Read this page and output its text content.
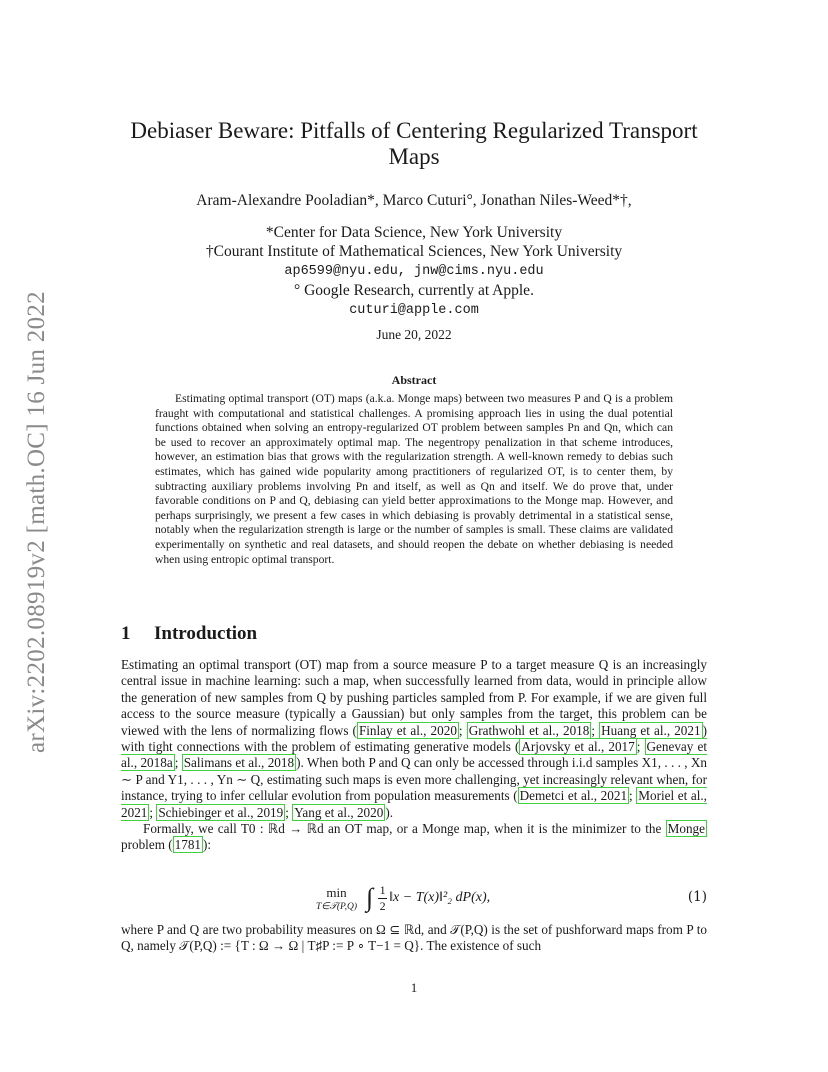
arXiv:2202.08919v2 [math.OC] 16 Jun 2022
Debiaser Beware: Pitfalls of Centering Regularized Transport
Maps
Aram-Alexandre Pooladian*, Marco Cuturi°, Jonathan Niles-Weed*†,
*Center for Data Science, New York University
†Courant Institute of Mathematical Sciences, New York University
ap6599@nyu.edu, jnw@cims.nyu.edu
° Google Research, currently at Apple.
cuturi@apple.com
June 20, 2022
Abstract

Estimating optimal transport (OT) maps (a.k.a. Monge maps) between two measures P and Q is a problem fraught with computational and statistical challenges. A promising approach lies in using the dual potential functions obtained when solving an entropy-regularized OT problem between samples Pn and Qn, which can be used to recover an approximately optimal map. The negentropy penalization in that scheme introduces, however, an estimation bias that grows with the regularization strength. A well-known remedy to debias such estimates, which has gained wide popularity among practitioners of regularized OT, is to center them, by subtracting auxiliary problems involving Pn and itself, as well as Qn and itself. We do prove that, under favorable conditions on P and Q, debiasing can yield better approximations to the Monge map. However, and perhaps surprisingly, we present a few cases in which debiasing is provably detrimental in a statistical sense, notably when the regularization strength is large or the number of samples is small. These claims are validated experimentally on synthetic and real datasets, and should reopen the debate on whether debiasing is needed when using entropic optimal transport.

1 Introduction

Estimating an optimal transport (OT) map from a source measure P to a target measure Q is an increasingly central issue in machine learning: such a map, when successfully learned from data, would in principle allow the generation of new samples from Q by pushing particles sampled from P. For example, if we are given full access to the source measure (typically a Gaussian) but only samples from the target, this problem can be viewed with the lens of normalizing flows ( Finlay et al., 2020 ; Grathwohl et al., 2018 ; Huang et al., 2021 ) with tight connections with the problem of estimating generative models ( Arjovsky et al., 2017 ; Genevay et al., 2018a ; Salimans et al., 2018 ). When both P and Q can only be accessed through i.i.d samples X1, . . . , Xn ∼ P and Y1, . . . , Yn ∼ Q, estimating such maps is even more challenging, yet increasingly relevant when, for instance, trying to infer cellular evolution from population measurements ( Demetci et al., 2021 ; Moriel et al., 2021 ; Schiebinger et al., 2019 ; Yang et al., 2020 ).

Formally, we call T0 : ℝd → ℝd an OT map, or a Monge map, when it is the minimizer to the Monge problem ( 1781 ):

min
T∈𝒯(P,Q) ∫ $\frac{1}{2}$ ‖x − T(x)‖²₂ dP(x),	(1)

where P and Q are two probability measures on Ω ⊆ ℝd, and 𝒯(P,Q) is the set of pushforward maps from P to Q, namely 𝒯(P,Q) := {T : Ω → Ω | T♯P := P ∘ T−1 = Q}. The existence of such

1
